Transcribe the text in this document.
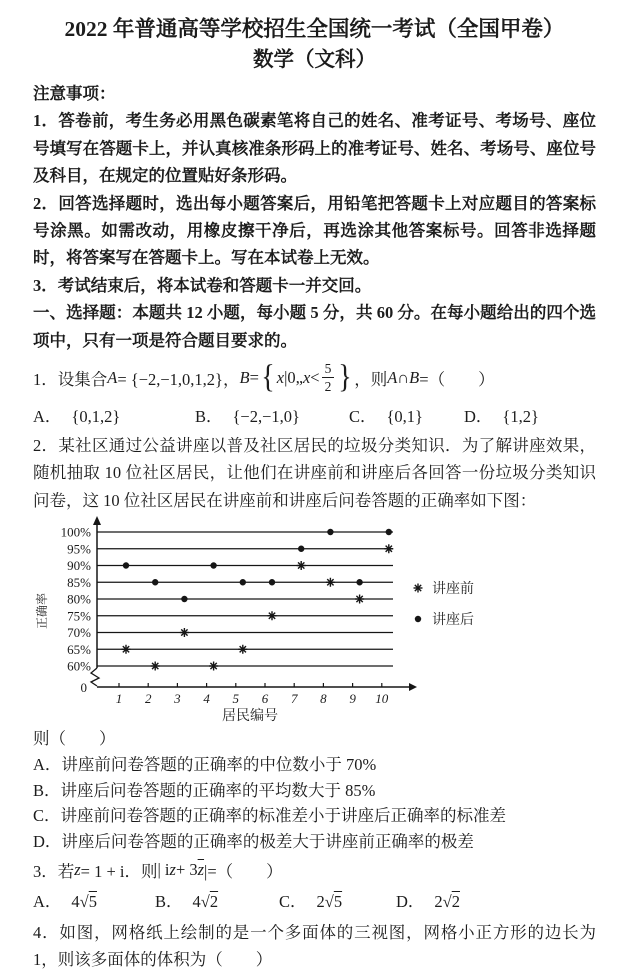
2022 年普通高等学校招生全国统一考试（全国甲卷）
数学（文科）

注意事项：

1．答卷前，考生务必用黑色碳素笔将自己的姓名、准考证号、考场号、座位号填写在答题卡上，并认真核准条形码上的准考证号、姓名、考场号、座位号及科目，在规定的位置贴好条形码。

2．回答选择题时，选出每小题答案后，用铅笔把答题卡上对应题目的答案标号涂黑。如需改动，用橡皮擦干净后，再选涂其他答案标号。回答非选择题时，将答案写在答题卡上。写在本试卷上无效。

3．考试结束后，将本试卷和答题卡一并交回。

一、选择题：本题共 12 小题，每小题 5 分，共 60 分。在每小题给出的四个选项中，只有一项是符合题目要求的。

1．设集合 A = {−2,−1,0,1,2}， B = { x |0„ $x < \frac{5}{2}$ } ，则 A∩B =（　　）
A． {0,1,2}	B． {−2,−1,0}	C． {0,1}	D． {1,2}

2．某社区通过公益讲座以普及社区居民的垃圾分类知识．为了解讲座效果，随机抽取 10 位社区居民，让他们在讲座前和讲座后各回答一份垃圾分类知识问卷，这 10 位社区居民在讲座前和讲座后问卷答题的正确率如下图：

60%
65%
70%
75%
80%
85%
90%
95%
100%
0
1 2 3 4 5 6 7 8 9 10
居民编号
正确率
讲座前
讲座后

则（　　）

A．讲座前问卷答题的正确率的中位数小于 70%

B．讲座后问卷答题的正确率的平均数大于 85%

C．讲座前问卷答题的正确率的标准差小于讲座后正确率的标准差

D．讲座后问卷答题的正确率的极差大于讲座前正确率的极差

3．若 z = 1 + i．则 | i z + 3 $\overline{z}$ |=（　　）
A． 4√5	B． 4√2	C． 2√5	D． 2√2

4．如图，网格纸上绘制的是一个多面体的三视图，网格小正方形的边长为 1，则该多面体的体积为（　　）
